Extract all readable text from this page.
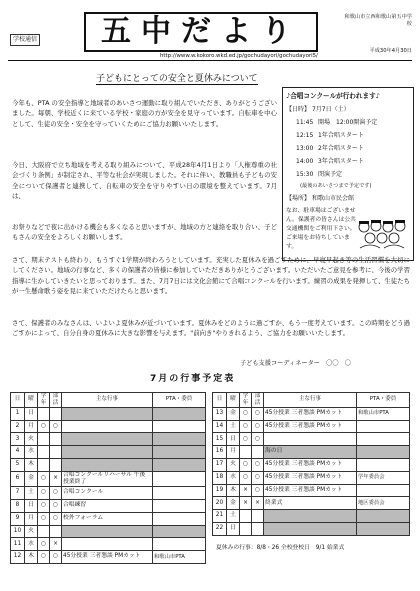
学校通信	五中だより	和歌山市立西和歌山第五中学校
平成30年4月30日
http://www.w.kokoro.wkd.ed.jp/gochudayori/gochudayori5/
子どもにとっての安全と夏休みについて
今年も、PTA の安全指導と地域者のあいさつ運動に取り組んでいただき、ありがとうございました。毎朝、学校近くに来ている学校・家庭の方が安全を見守っています。自転車を中心として、生徒の安全・安全を守っていくためにご協力お願いいたします。
今日、大阪府で立ち地域を考える取り組みについて、平成28年4月1日より「人権尊重の社会づくり条例」が制定され、平等な社会が実現しました。それに伴い、教職員も子どもの安全について保護者と連携して、自転車の安全を守りやすい日の環境を整えています。7月は、
お祭りなどで夜に出かける機会も多くなると思いますが、地域の方と連絡を取り合い、子どもさんの安全をよろしくお願いします。
さて、期末テストも終わり、もうすぐ1学期が終わろうとしています。充実した夏休みを過ごすために、早寝早起き等の生活習慣を大切にしてください。地域の行事など、多くの保護者の皆様に参加していただきありがとうございます。いただいたご意見を参考に、今後の学習指導に生かしていきたいと思っております。また、7月7日には文化会館にて合唱コンクールを行います。練習の成果を発揮して、生徒たちが一生懸命歌う姿を見に来ていただけたらと思います。
さて、保護者のみなさんは、いよいよ夏休みが近づいています。夏休みをどのように過ごすか、もう一度考えています。この時期をどう過ごすかによって、自分自身の夏休みに大きな影響を与えます。"前向き"やりきれるよう、ご協力をお願いいたします。
子ども支援コーディネーター　〇〇　〇
♪合唱コンクールが行われます♪
【日時】 7月7日（土）
11:45 開場　12:00開演予定
12:15 1年合唱スタート
13:00 2年合唱スタート
14:00 3年合唱スタート
15:30 閉演予定
(最後のあいさつまで予定です)
【場所】 和歌山市民会館
なお、駐車場はございません。保護者の皆さんは公共交通機関をご利用下さい。ご来場をお待ちしています。
7月の行事予定表
日	曜	学年	部活	主な行事	PTA・委員
1	日				
2	月	○	○		
3	火				
4	水				
5	木				
6	金	○	×	合唱コンクールリハーサル 午後授業終了	
7	土	○	○	合唱コンクール	
8	日	○	○	合唱練習	
9	月	○	○	校外フォーラム	
10	火				
11	水	○	×		
12	木	○	○	45分授業 三者懇談 PMカット	和歌山市PTA
日	曜	学年	部活	主な行事	PTA・委員
13	金	○	○	45分授業 三者懇談 PMカット	和歌山市PTA
14	土	○	○	45分授業 三者懇談 PMカット	
15	日	○	○		
16	月			海の日	
17	火	○	○	45分授業 三者懇談 PMカット	
18	水	○	○	45分授業 三者懇談 PMカット	学年委員会
19	木	×	○	45分授業 三者懇談 PMカット	
20	金	×	×	終業式	地区委員会
21	土				
22	日				
夏休みの行事：8/8・26 全校登校日　9/1 始業式
